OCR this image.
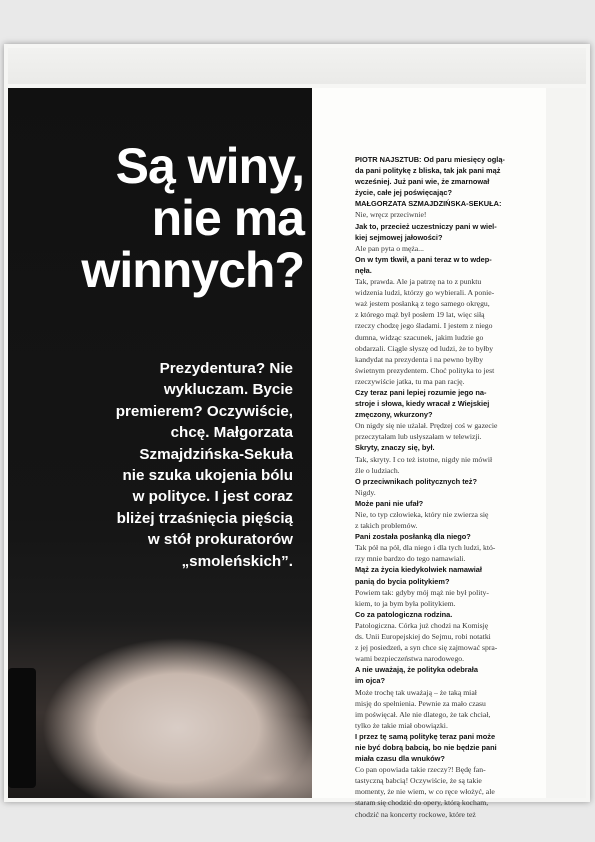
Są winy,
nie ma
winnych?
Prezydentura? Nie
wykluczam. Bycie
premierem? Oczywiście,
chcę. Małgorzata
Szmajdzińska-Sekuła
nie szuka ukojenia bólu
w polityce. I jest coraz
bliżej trzaśnięcia pięścią
w stół prokuratorów
„smoleńskich”.
PIOTR NAJSZTUB: Od paru miesięcy oglą-
da pani politykę z bliska, tak jak pani mąż
wcześniej. Już pani wie, że zmarnował
życie, całe jej poświęcając?
MAŁGORZATA SZMAJDZIŃSKA-SEKUŁA:
Nie, wręcz przeciwnie!
Jak to, przecież uczestniczy pani w wiel-
kiej sejmowej jałowości?
Ale pan pyta o męża...
On w tym tkwił, a pani teraz w to wdep-
nęła.
Tak, prawda. Ale ja patrzę na to z punktu
widzenia ludzi, którzy go wybierali. A ponie-
waż jestem posłanką z tego samego okręgu,
z którego mąż był posłem 19 lat, więc siłą
rzeczy chodzę jego śladami. I jestem z niego
dumna, widząc szacunek, jakim ludzie go
obdarzali. Ciągle słyszę od ludzi, że to byłby
kandydat na prezydenta i na pewno byłby
świetnym prezydentem. Choć polityka to jest
rzeczywiście jatka, tu ma pan rację.
Czy teraz pani lepiej rozumie jego na-
stroje i słowa, kiedy wracał z Wiejskiej
zmęczony, wkurzony?
On nigdy się nie użalał. Prędzej coś w gazecie
przeczytałam lub usłyszałam w telewizji.
Skryty, znaczy się, był.
Tak, skryty. I co też istotne, nigdy nie mówił
źle o ludziach.
O przeciwnikach politycznych też?
Nigdy.
Może pani nie ufał?
Nie, to typ człowieka, który nie zwierza się
z takich problemów.
Pani została posłanką dla niego?
Tak pół na pół, dla niego i dla tych ludzi, któ-
rzy mnie bardzo do tego namawiali.
Mąż za życia kiedykolwiek namawiał
panią do bycia politykiem?
Powiem tak: gdyby mój mąż nie był polity-
kiem, to ja bym była politykiem.
Co za patologiczna rodzina.
Patologiczna. Córka już chodzi na Komisję
ds. Unii Europejskiej do Sejmu, robi notatki
z jej posiedzeń, a syn chce się zajmować spra-
wami bezpieczeństwa narodowego.
A nie uważają, że polityka odebrała
im ojca?
Może trochę tak uważają – że taką miał
misję do spełnienia. Pewnie za mało czasu
im poświęcał. Ale nie dlatego, że tak chciał,
tylko że takie miał obowiązki.
I przez tę samą politykę teraz pani może
nie być dobrą babcią, bo nie będzie pani
miała czasu dla wnuków?
Co pan opowiada takie rzeczy?! Będę fan-
tastyczną babcią! Oczywiście, że są takie
momenty, że nie wiem, w co ręce włożyć, ale
staram się chodzić do opery, którą kocham,
chodzić na koncerty rockowe, które też
